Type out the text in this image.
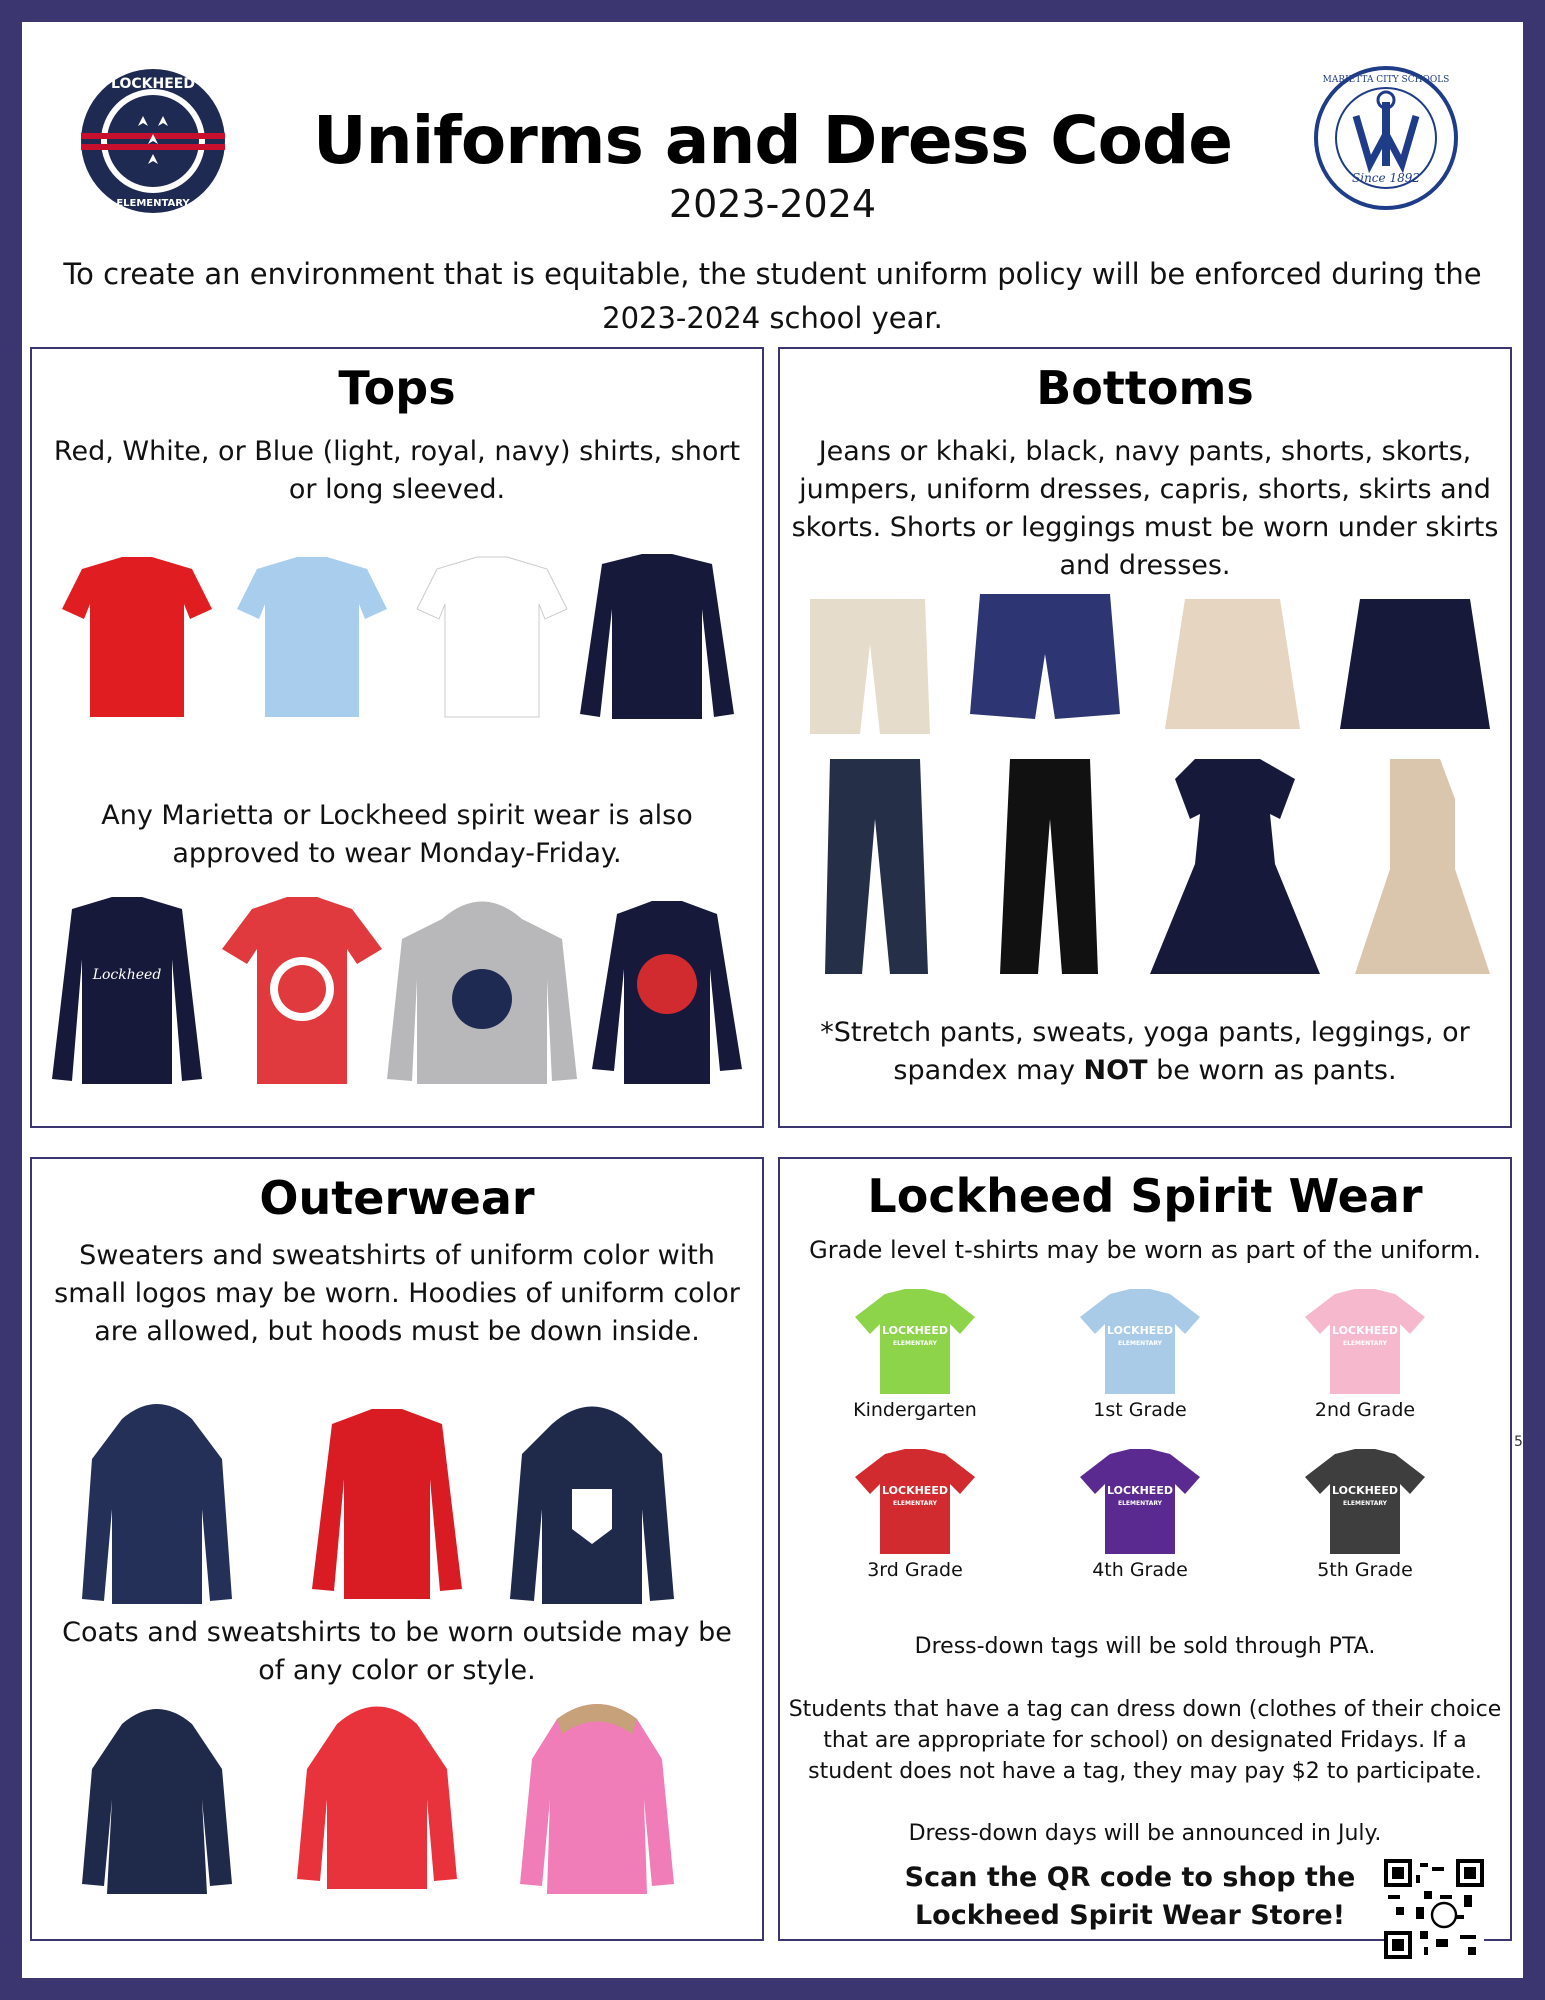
LOCKHEED
ELEMENTARY
MARIETTA CITY SCHOOLS
Since 1892
Uniforms and Dress Code
2023-2024
To create an environment that is equitable, the student uniform policy will be enforced during the 2023-2024 school year.
Tops
Red, White, or Blue (light, royal, navy) shirts, short or long sleeved.
Any Marietta or Lockheed spirit wear is also approved to wear Monday-Friday.
Lockheed
Bottoms
Jeans or khaki, black, navy pants, shorts, skorts, jumpers, uniform dresses, capris, shorts, skirts and skorts. Shorts or leggings must be worn under skirts and dresses.
*Stretch pants, sweats, yoga pants, leggings, or spandex may NOT be worn as pants.
Outerwear
Sweaters and sweatshirts of uniform color with small logos may be worn. Hoodies of uniform color are allowed, but hoods must be down inside.
Coats and sweatshirts to be worn outside may be of any color or style.
Lockheed Spirit Wear
Grade level t-shirts may be worn as part of the uniform.
Dress-down tags will be sold through PTA.
Students that have a tag can dress down (clothes of their choice that are appropriate for school) on designated Fridays. If a student does not have a tag, they may pay $2 to participate.
Dress-down days will be announced in July.
Scan the QR code to shop the Lockheed Spirit Wear Store!
LOCKHEED
ELEMENTARY
Kindergarten
LOCKHEED
ELEMENTARY
1st Grade
LOCKHEED
ELEMENTARY
2nd Grade
LOCKHEED
ELEMENTARY
3rd Grade
LOCKHEED
ELEMENTARY
4th Grade
LOCKHEED
ELEMENTARY
5th Grade
5
